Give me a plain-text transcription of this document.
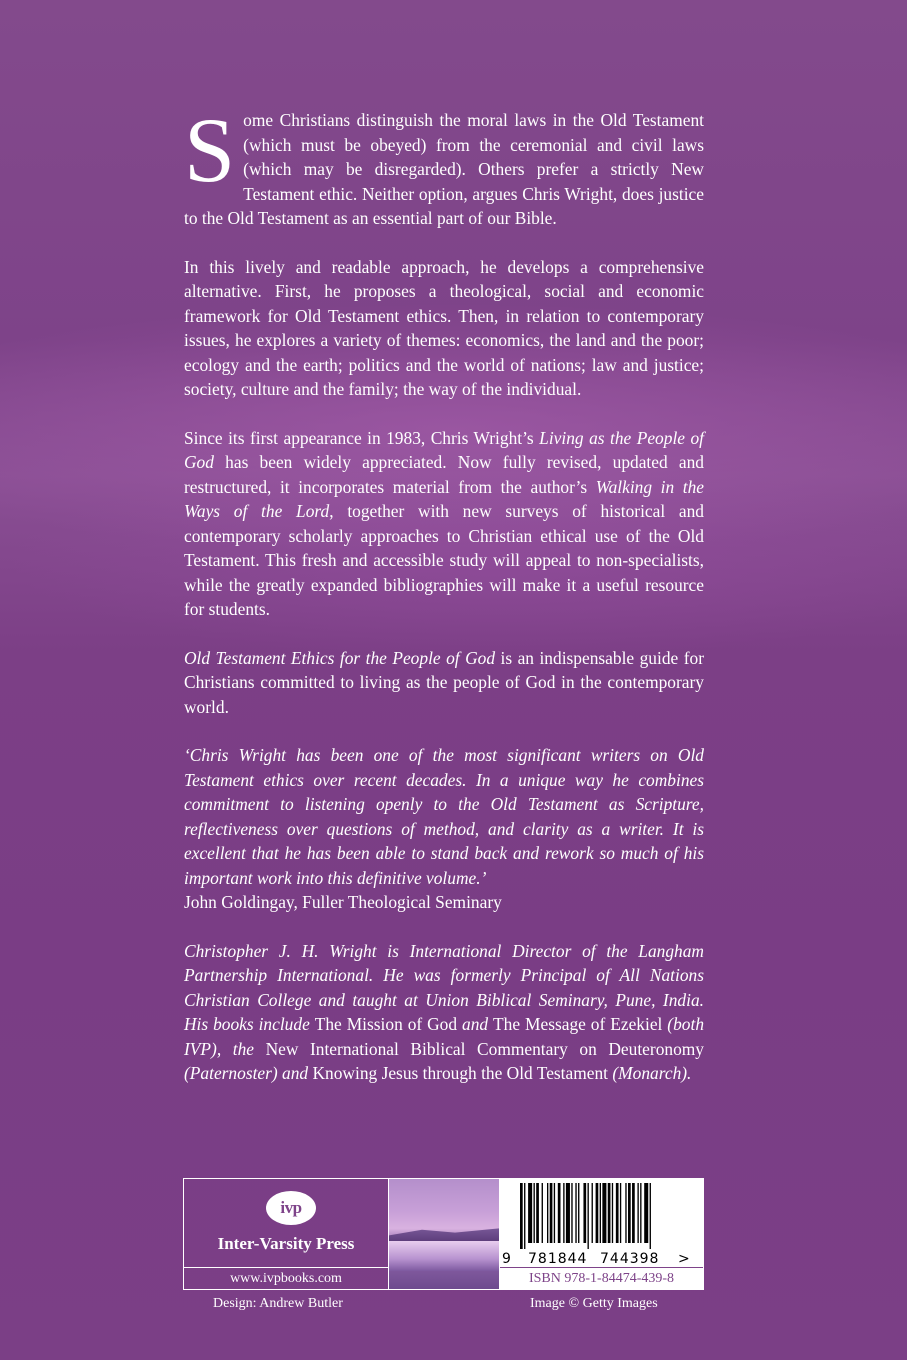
Some Christians distinguish the moral laws in the Old Testament (which must be obeyed) from the ceremonial and civil laws (which may be disregarded). Others prefer a strictly New Testament ethic. Neither option, argues Chris Wright, does justice to the Old Testament as an essential part of our Bible.

In this lively and readable approach, he develops a comprehensive alternative. First, he proposes a theological, social and economic framework for Old Testament ethics. Then, in relation to contemporary issues, he explores a variety of themes: economics, the land and the poor; ecology and the earth; politics and the world of nations; law and justice; society, culture and the family; the way of the individual.

Since its first appearance in 1983, Chris Wright’s Living as the People of God has been widely appreciated. Now fully revised, updated and restructured, it incorporates material from the author’s Walking in the Ways of the Lord, together with new surveys of historical and contemporary scholarly approaches to Christian ethical use of the Old Testament. This fresh and accessible study will appeal to non-specialists, while the greatly expanded bibliographies will make it a useful resource for students.

Old Testament Ethics for the People of God is an indispensable guide for Christians committed to living as the people of God in the contemporary world.

‘Chris Wright has been one of the most significant writers on Old Testament ethics over recent decades. In a unique way he combines commitment to listening openly to the Old Testament as Scripture, reflectiveness over questions of method, and clarity as a writer. It is excellent that he has been able to stand back and rework so much of his important work into this definitive volume.’
John Goldingay, Fuller Theological Seminary

Christopher J. H. Wright is International Director of the Langham Partnership International. He was formerly Principal of All Nations Christian College and taught at Union Biblical Seminary, Pune, India. His books include The Mission of God and The Message of Ezekiel (both IVP), the New International Biblical Commentary on Deuteronomy (Paternoster) and Knowing Jesus through the Old Testament (Monarch).

ivp
Inter-Varsity Press
www.ivpbooks.com
9 781844 744398 >
ISBN 978-1-84474-439-8
Design: Andrew Butler	Image © Getty Images
